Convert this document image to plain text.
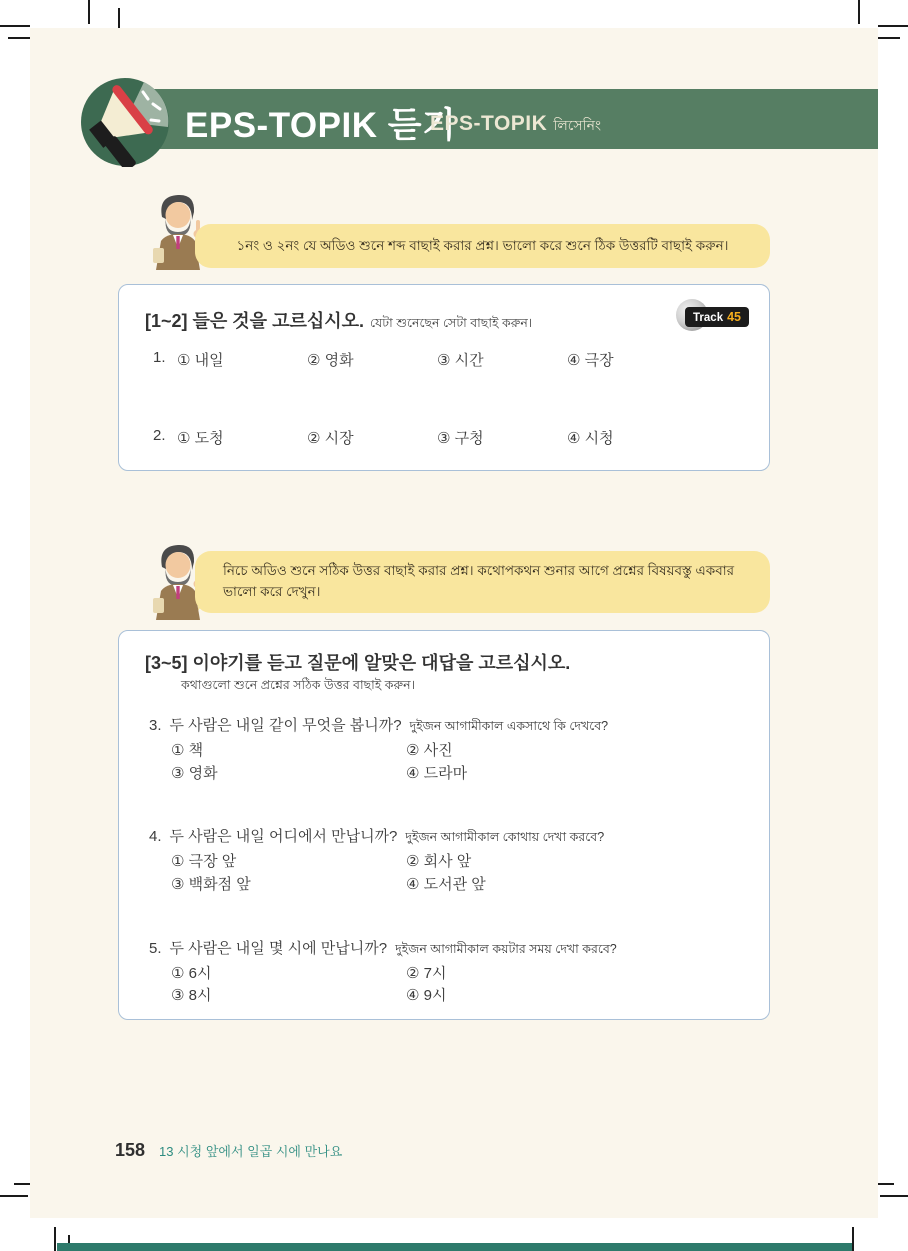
EPS-TOPIK 듣기
EPS-TOPIK লিসেনিং
১নং ও ২নং যে অডিও শুনে শব্দ বাছাই করার প্রশ্ন। ভালো করে শুনে ঠিক উত্তরটি বাছাই করুন।
[1~2] 들은 것을 고르십시오. যেটা শুনেছেন সেটা বাছাই করুন।	Track 45
1. ① 내일	② 영화	③ 시간	④ 극장
2. ① 도청	② 시장	③ 구청	④ 시청
নিচে অডিও শুনে সঠিক উত্তর বাছাই করার প্রশ্ন। কথোপকথন শুনার আগে প্রশ্নের বিষয়বস্তু একবার
ভালো করে দেখুন।
[3~5] 이야기를 듣고 질문에 알맞은 대답을 고르십시오.
কথাগুলো শুনে প্রশ্নের সঠিক উত্তর বাছাই করুন।
3. 두 사람은 내일 같이 무엇을 봅니까? দুইজন আগামীকাল একসাথে কি দেখবে?
① 책	② 사진
③ 영화	④ 드라마
4. 두 사람은 내일 어디에서 만납니까? দুইজন আগামীকাল কোথায় দেখা করবে?
① 극장 앞	② 회사 앞
③ 백화점 앞	④ 도서관 앞
5. 두 사람은 내일 몇 시에 만납니까? দুইজন আগামীকাল কয়টার সময় দেখা করবে?
① 6시	② 7시
③ 8시	④ 9시
158 13 시청 앞에서 일곱 시에 만나요
